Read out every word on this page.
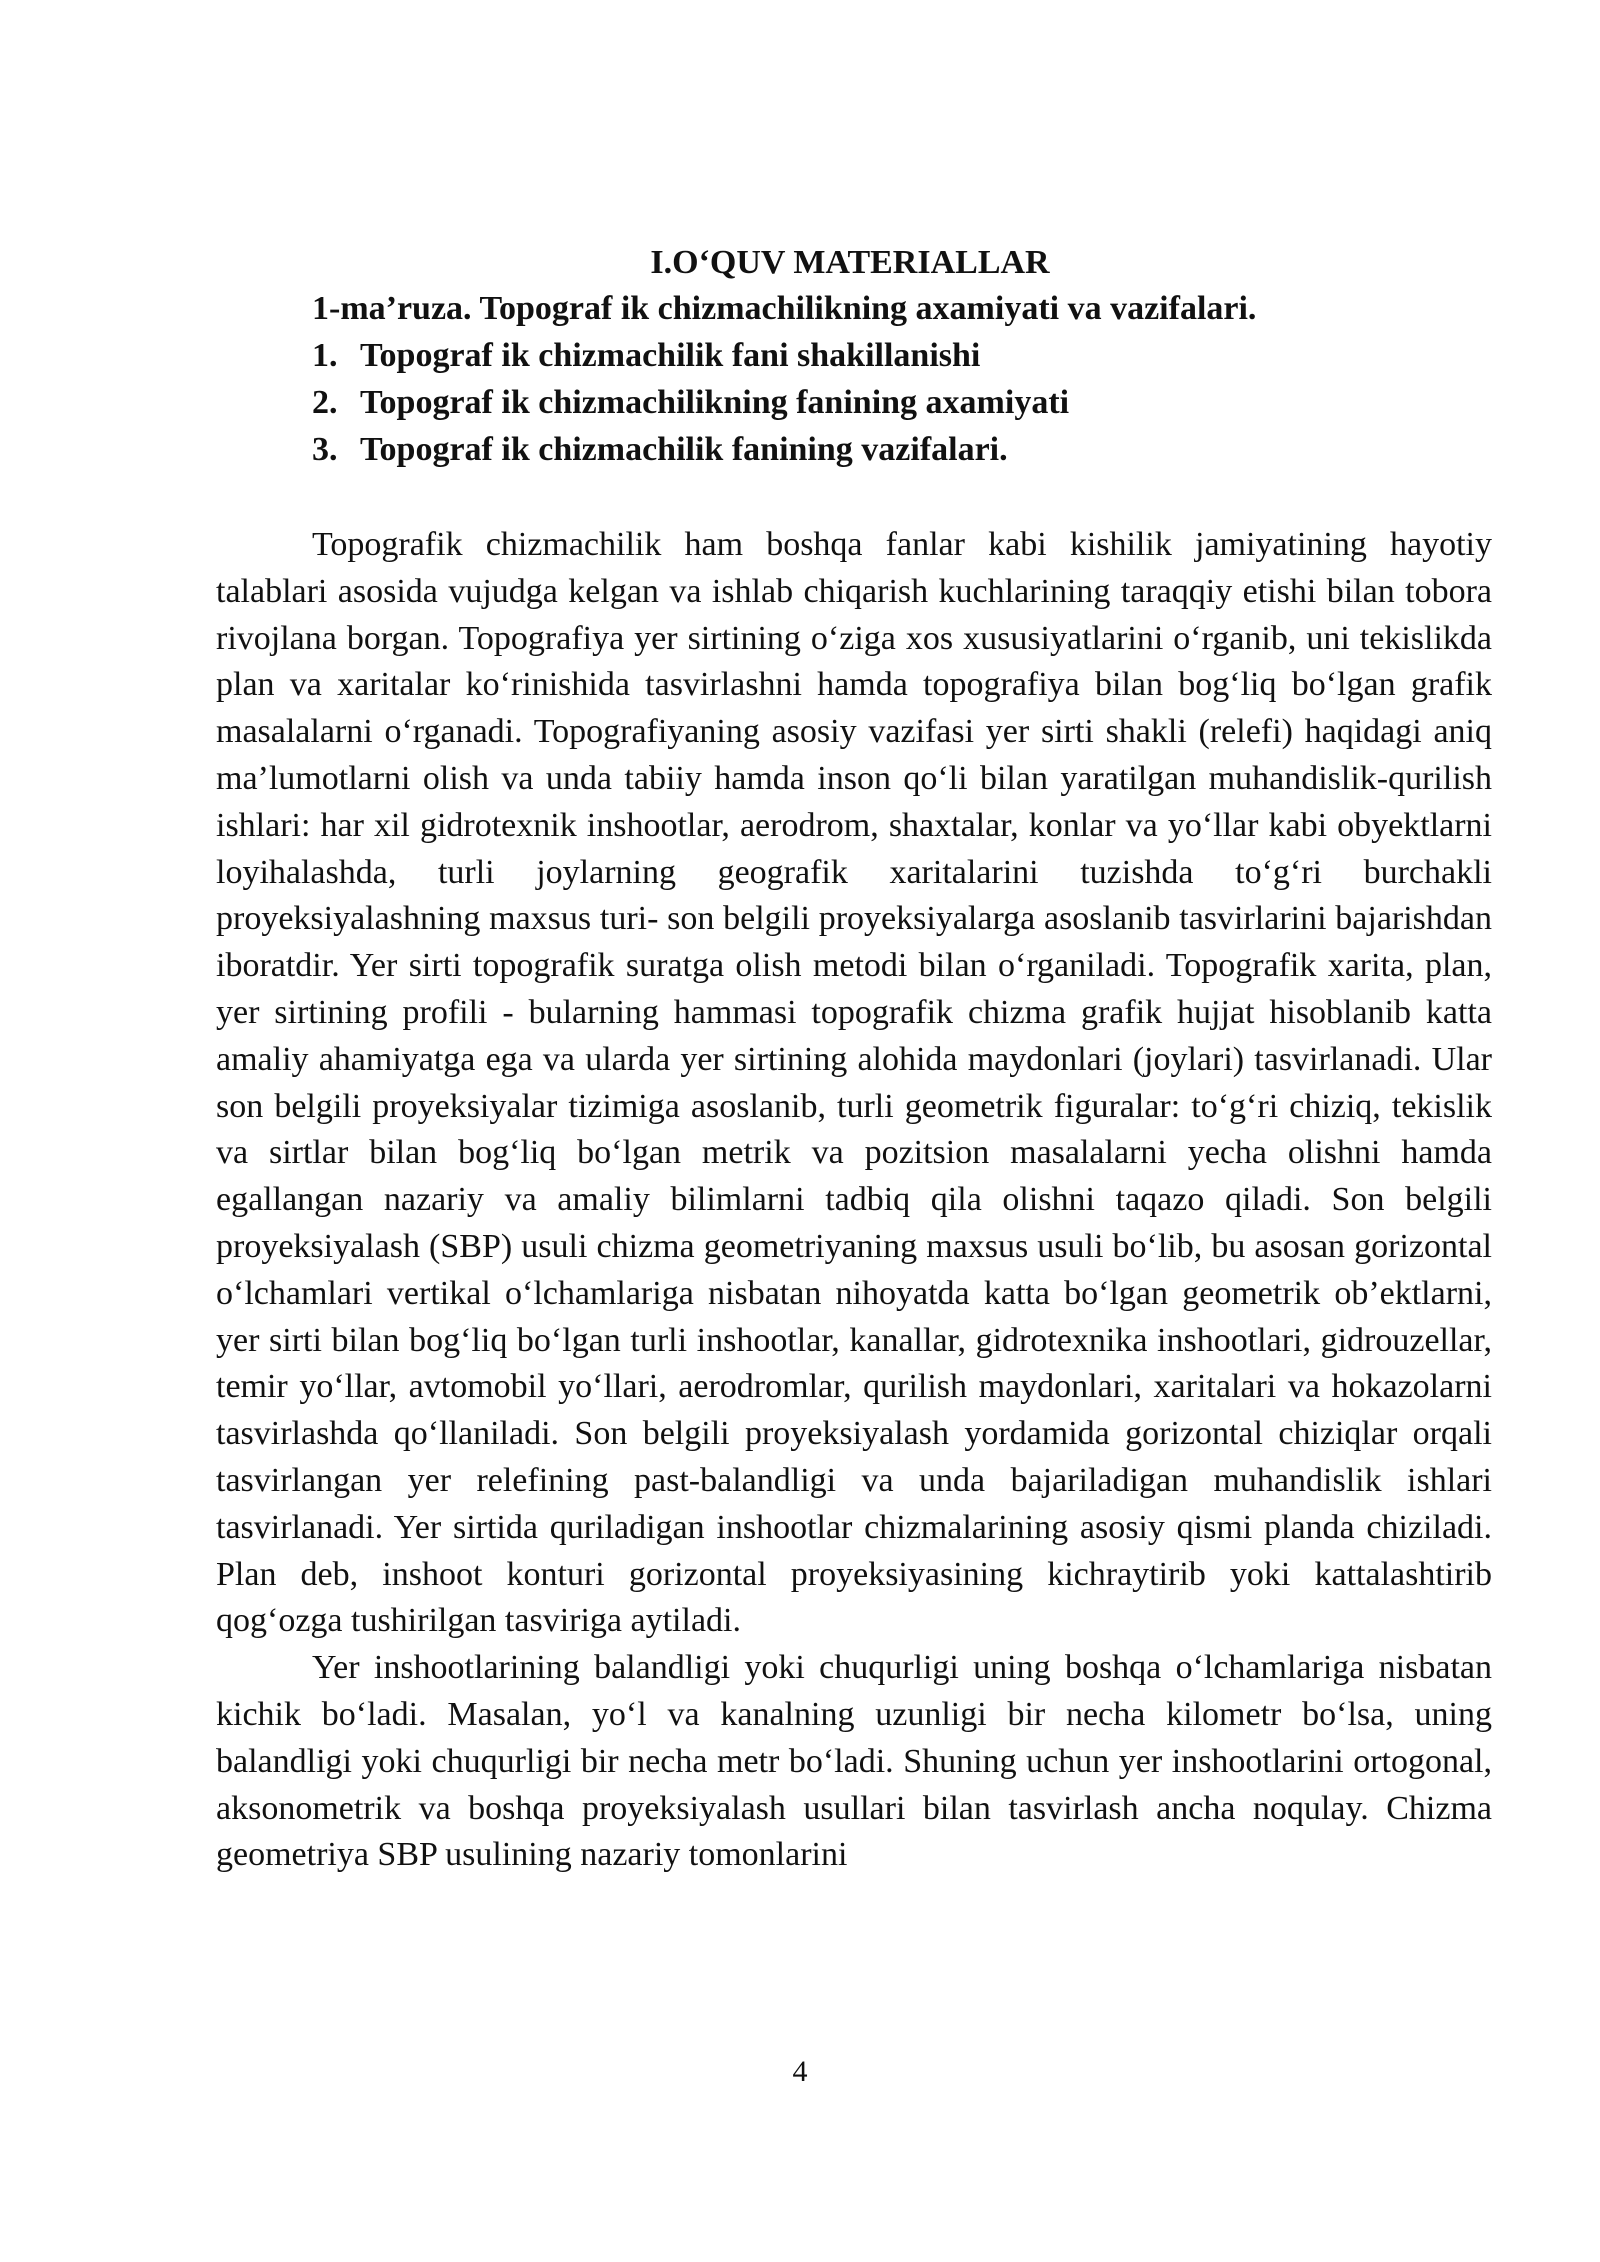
I.O‘QUV MATERIALLAR
1-ma’ruza. Topograf ik chizmachilikning axamiyati va vazifalari.
1. Topograf ik chizmachilik fani shakillanishi
2. Topograf ik chizmachilikning fanining axamiyati
3. Topograf ik chizmachilik fanining vazifalari.

Topografik chizmachilik ham boshqa fanlar kabi kishilik jamiyatining hayotiy talablari asosida vujudga kelgan va ishlab chiqarish kuchlarining taraqqiy etishi bilan tobora rivojlana borgan. Topografiya yer sirtining o‘ziga xos xususiyatlarini o‘rganib, uni tekislikda plan va xaritalar ko‘rinishida tasvirlashni hamda topografiya bilan bog‘liq bo‘lgan grafik masalalarni o‘rganadi. Topografiyaning asosiy vazifasi yer sirti shakli (relefi) haqidagi aniq ma’lumotlarni olish va unda tabiiy hamda inson qo‘li bilan yaratilgan muhandislik-qurilish ishlari: har xil gidrotexnik inshootlar, aerodrom, shaxtalar, konlar va yo‘llar kabi obyektlarni loyihalashda, turli joylarning geografik xaritalarini tuzishda to‘g‘ri burchakli proyeksiyalashning maxsus turi- son belgili proyeksiyalarga asoslanib tasvirlarini bajarishdan iboratdir. Yer sirti topografik suratga olish metodi bilan o‘rganiladi. Topografik xarita, plan, yer sirtining profili - bularning hammasi topografik chizma grafik hujjat hisoblanib katta amaliy ahamiyatga ega va ularda yer sirtining alohida maydonlari (joylari) tasvirlanadi. Ular son belgili proyeksiyalar tizimiga asoslanib, turli geometrik figuralar: to‘g‘ri chiziq, tekislik va sirtlar bilan bog‘liq bo‘lgan metrik va pozitsion masalalarni yecha olishni hamda egallangan nazariy va amaliy bilimlarni tadbiq qila olishni taqazo qiladi. Son belgili proyeksiyalash (SBP) usuli chizma geometriyaning maxsus usuli bo‘lib, bu asosan gorizontal o‘lchamlari vertikal o‘lchamlariga nisbatan nihoyatda katta bo‘lgan geometrik ob’ektlarni, yer sirti bilan bog‘liq bo‘lgan turli inshootlar, kanallar, gidrotexnika inshootlari, gidrouzellar, temir yo‘llar, avtomobil yo‘llari, aerodromlar, qurilish maydonlari, xaritalari va hokazolarni tasvirlashda qo‘llaniladi. Son belgili proyeksiyalash yordamida gorizontal chiziqlar orqali tasvirlangan yer relefining past-balandligi va unda bajariladigan muhandislik ishlari tasvirlanadi. Yer sirtida quriladigan inshootlar chizmalarining asosiy qismi planda chiziladi. Plan deb, inshoot konturi gorizontal proyeksiyasining kichraytirib yoki kattalashtirib qog‘ozga tushirilgan tasviriga aytiladi.

Yer inshootlarining balandligi yoki chuqurligi uning boshqa o‘lchamlariga nisbatan kichik bo‘ladi. Masalan, yo‘l va kanalning uzunligi bir necha kilometr bo‘lsa, uning balandligi yoki chuqurligi bir necha metr bo‘ladi. Shuning uchun yer inshootlarini ortogonal, aksonometrik va boshqa proyeksiyalash usullari bilan tasvirlash ancha noqulay. Chizma geometriya SBP usulining nazariy tomonlarini

4
